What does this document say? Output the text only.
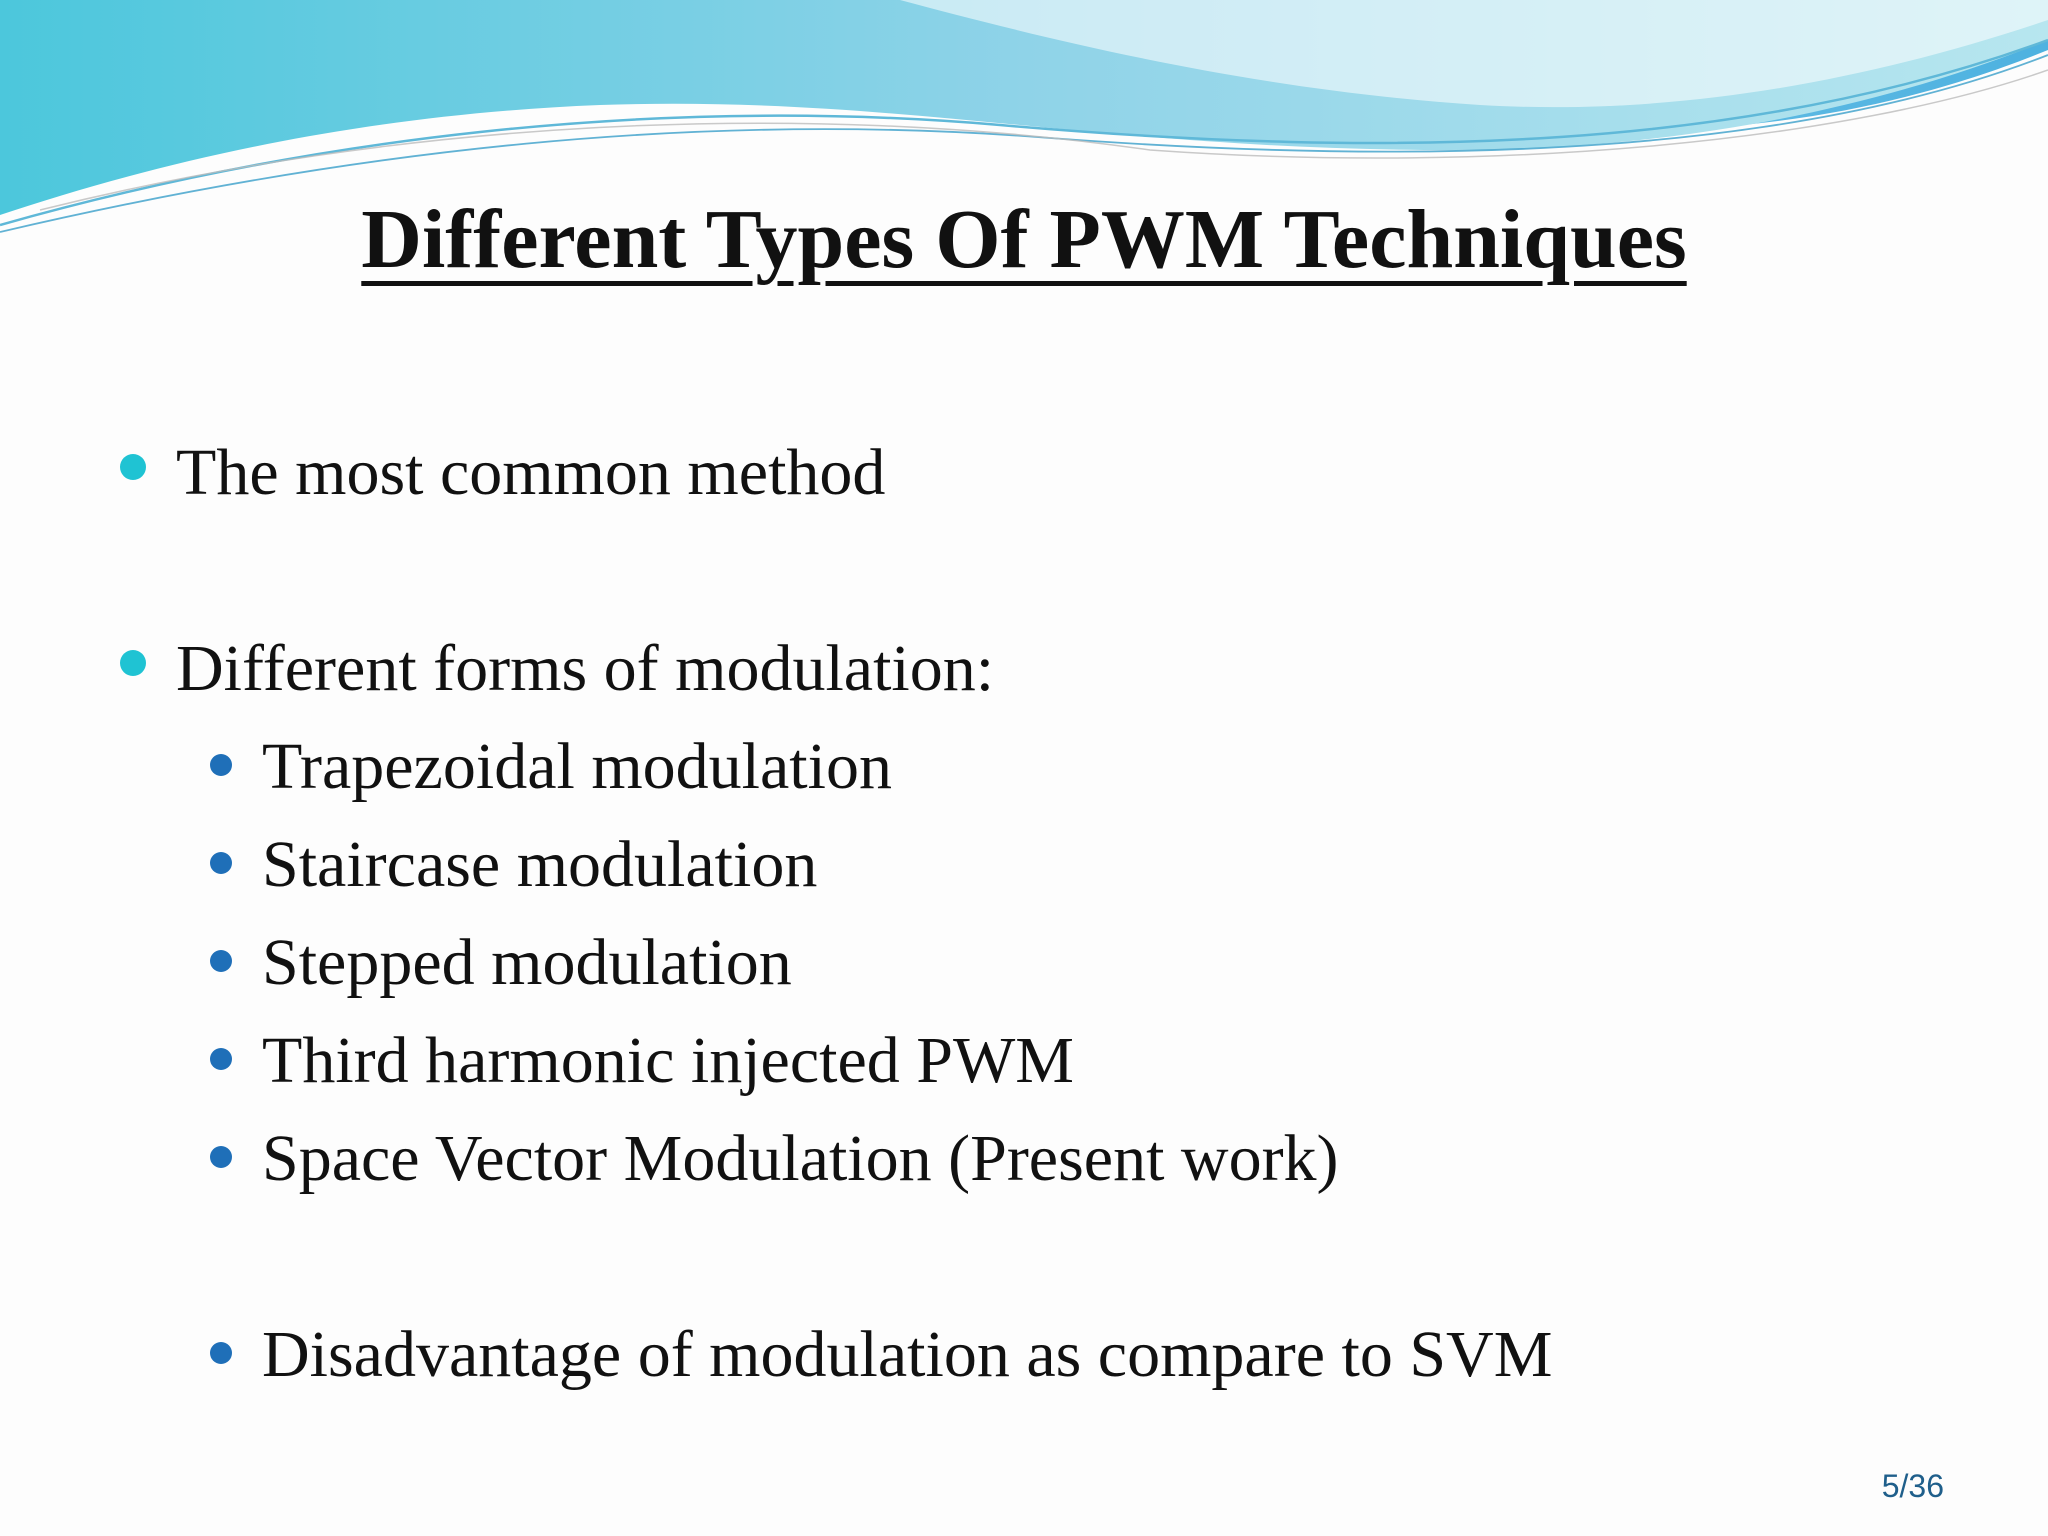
Different Types Of PWM Techniques
The most common method
Different forms of modulation:
Trapezoidal modulation
Staircase modulation
Stepped modulation
Third harmonic injected PWM
Space Vector Modulation (Present work)
Disadvantage of modulation as compare to SVM
5/36
